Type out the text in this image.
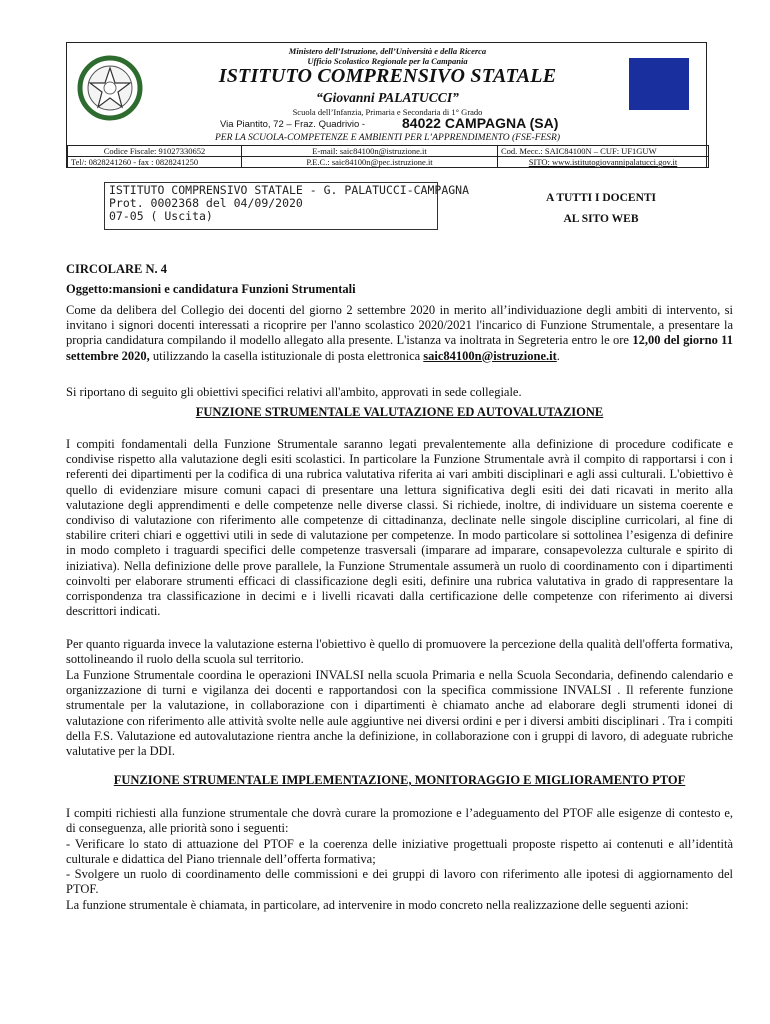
Ministero dell’Istruzione, dell’Università e della Ricerca
Ufficio Scolastico Regionale per la Campania
ISTITUTO COMPRENSIVO STATALE
“Giovanni PALATUCCI”
Scuola dell’Infanzia, Primaria e Secondaria di 1° Grado
Via Piantito, 72 – Fraz. Quadrivio -	84022 CAMPAGNA (SA)
PER LA SCUOLA-COMPETENZE E AMBIENTI PER L’APPRENDIMENTO (FSE-FESR)
Codice Fiscale: 91027330652	E-mail: saic84100n@istruzione.it	Cod. Mecc.: SAIC84100N – CUF: UF1GUW
Tel/: 0828241260 - fax : 0828241250	P.E.C.: saic84100n@pec.istruzione.it	SITO: www.istitutogiovannipalatucci.gov.it
ISTITUTO COMPRENSIVO STATALE - G. PALATUCCI-CAMPAGNA
Prot. 0002368 del 04/09/2020
07-05 ( Uscita)
A TUTTI I DOCENTI
AL SITO WEB
CIRCOLARE N. 4
Oggetto:mansioni e candidatura Funzioni Strumentali
Come da delibera del Collegio dei docenti del giorno 2 settembre 2020 in merito all’individuazione degli ambiti di intervento, si invitano i signori docenti interessati a ricoprire per l'anno scolastico 2020/2021 l'incarico di Funzione Strumentale, a presentare la propria candidatura compilando il modello allegato alla presente. L'istanza va inoltrata in Segreteria entro le ore 12,00 del giorno 11 settembre 2020, utilizzando la casella istituzionale di posta elettronica saic84100n@istruzione.it.
Si riportano di seguito gli obiettivi specifici relativi all'ambito, approvati in sede collegiale.
FUNZIONE STRUMENTALE VALUTAZIONE ED AUTOVALUTAZIONE
I compiti fondamentali della Funzione Strumentale saranno legati prevalentemente alla definizione di procedure codificate e condivise rispetto alla valutazione degli esiti scolastici. In particolare la Funzione Strumentale avrà il compito di rapportarsi i con i referenti dei dipartimenti per la codifica di una rubrica valutativa riferita ai vari ambiti disciplinari e agli assi culturali. L'obiettivo è quello di evidenziare misure comuni capaci di presentare una lettura significativa degli esiti dei dati ricavati in merito alla valutazione degli apprendimenti e delle competenze nelle diverse classi. Si richiede, inoltre, di individuare un sistema coerente e condiviso di valutazione con riferimento alle competenze di cittadinanza, declinate nelle singole discipline curricolari, al fine di stabilire criteri chiari e oggettivi utili in sede di valutazione per competenze. In modo particolare si sottolinea l’esigenza di definire in modo completo i traguardi specifici delle competenze trasversali (imparare ad imparare, consapevolezza culturale e spirito di iniziativa). Nella definizione delle prove parallele, la Funzione Strumentale assumerà un ruolo di coordinamento con i dipartimenti coinvolti per elaborare strumenti efficaci di classificazione degli esiti, definire una rubrica valutativa in grado di rappresentare la corrispondenza tra classificazione in decimi e i livelli ricavati dalla certificazione delle competenze con riferimento ai diversi descrittori indicati.
Per quanto riguarda invece la valutazione esterna l'obiettivo è quello di promuovere la percezione della qualità dell'offerta formativa, sottolineando il ruolo della scuola sul territorio.
La Funzione Strumentale coordina le operazioni INVALSI nella scuola Primaria e nella Scuola Secondaria, definendo calendario e organizzazione di turni e vigilanza dei docenti e rapportandosi con la specifica commissione INVALSI . Il referente funzione strumentale per la valutazione, in collaborazione con i dipartimenti è chiamato anche ad elaborare degli strumenti idonei di valutazione con riferimento alle attività svolte nelle aule aggiuntive nei diversi ordini e per i diversi ambiti disciplinari . Tra i compiti della F.S. Valutazione ed autovalutazione rientra anche la definizione, in collaborazione con i gruppi di lavoro, di adeguate rubriche valutative per la DDI.
FUNZIONE STRUMENTALE IMPLEMENTAZIONE, MONITORAGGIO E MIGLIORAMENTO PTOF
I compiti richiesti alla funzione strumentale che dovrà curare la promozione e l’adeguamento del PTOF alle esigenze di contesto e, di conseguenza, alle priorità sono i seguenti:
- Verificare lo stato di attuazione del PTOF e la coerenza delle iniziative progettuali proposte rispetto ai contenuti e all’identità culturale e didattica del Piano triennale dell’offerta formativa;
- Svolgere un ruolo di coordinamento delle commissioni e dei gruppi di lavoro con riferimento alle ipotesi di aggiornamento del PTOF.
La funzione strumentale è chiamata, in particolare, ad intervenire in modo concreto nella realizzazione delle seguenti azioni:
